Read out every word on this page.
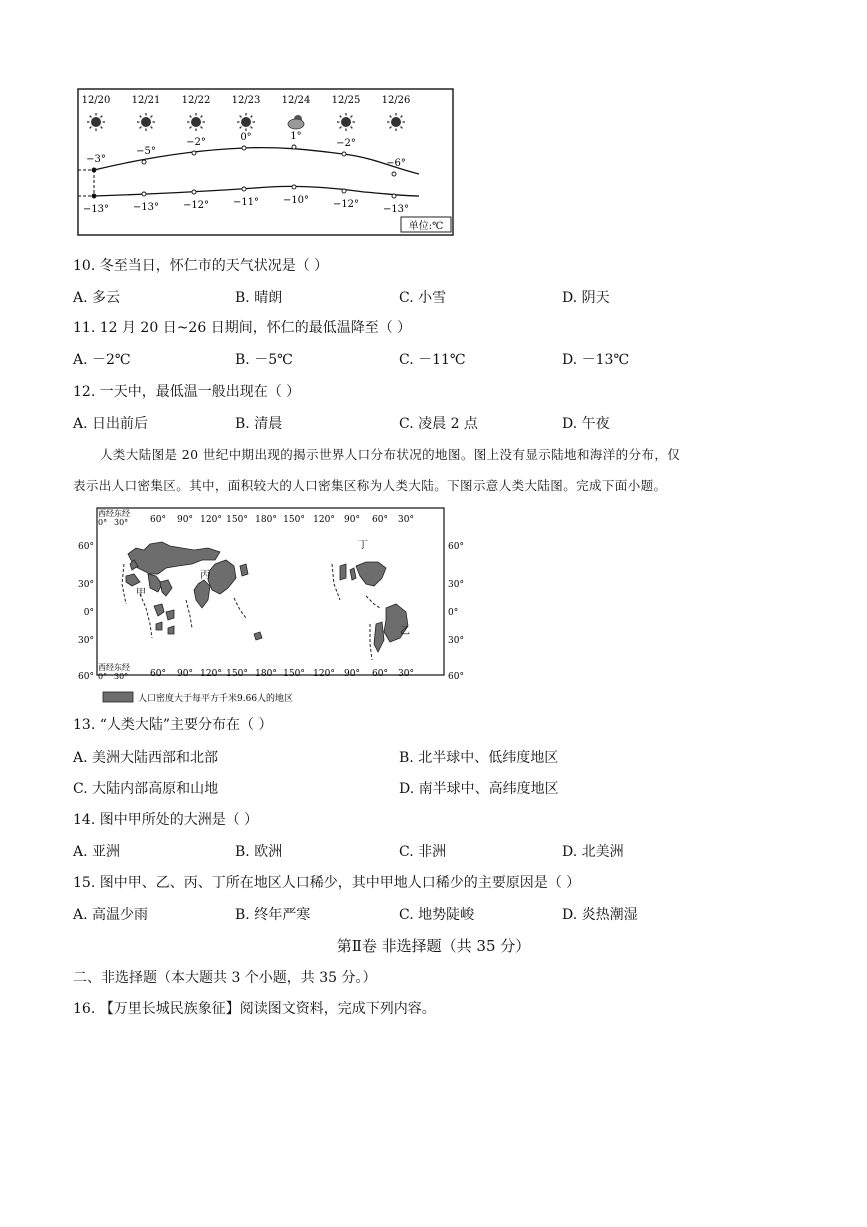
12/20 12/21 12/22 12/23 12/24 12/25 12/26
−3°
−5°
−2°	0°	1°
−2°
−6°
−13° −13° −12° −11° −10° −12° −13°
单位:℃
10. 冬至当日，怀仁市的天气状况是（ ）
A. 多云	B. 晴朗	C. 小雪	D. 阴天
11. 12 月 20 日~26 日期间，怀仁的最低温降至（ ）
A. －2℃	B. －5℃	C. －11℃	D. －13℃
12. 一天中，最低温一般出现在（ ）
A. 日出前后	B. 清晨	C. 凌晨 2 点	D. 午夜
人类大陆图是 20 世纪中期出现的揭示世界人口分布状况的地图。图上没有显示陆地和海洋的分布，仅
表示出人口密集区。其中，面积较大的人口密集区称为人类大陆。下图示意人类大陆图。完成下面小题。
西经
0°
东经
30° 60° 90° 120° 150° 180° 150° 120° 90° 60° 30°
西经
0°
东经
30° 60° 90° 120° 150° 180° 150° 120° 90° 60° 30°
60°
30°
0°
30°
60°
60°
30°
0°
30°
60°
甲
乙
丙
丁
人口密度大于每平方千米9.66人的地区
13. “人类大陆”主要分布在（ ）
A. 美洲大陆西部和北部	B. 北半球中、低纬度地区
C. 大陆内部高原和山地	D. 南半球中、高纬度地区
14. 图中甲所处的大洲是（ ）
A. 亚洲	B. 欧洲	C. 非洲	D. 北美洲
15. 图中甲、乙、丙、丁所在地区人口稀少，其中甲地人口稀少的主要原因是（ ）
A. 高温少雨	B. 终年严寒	C. 地势陡峻	D. 炎热潮湿
第Ⅱ卷 非选择题（共 35 分）
二、非选择题（本大题共 3 个小题，共 35 分。）
16. 【万里长城民族象征】阅读图文资料，完成下列内容。
